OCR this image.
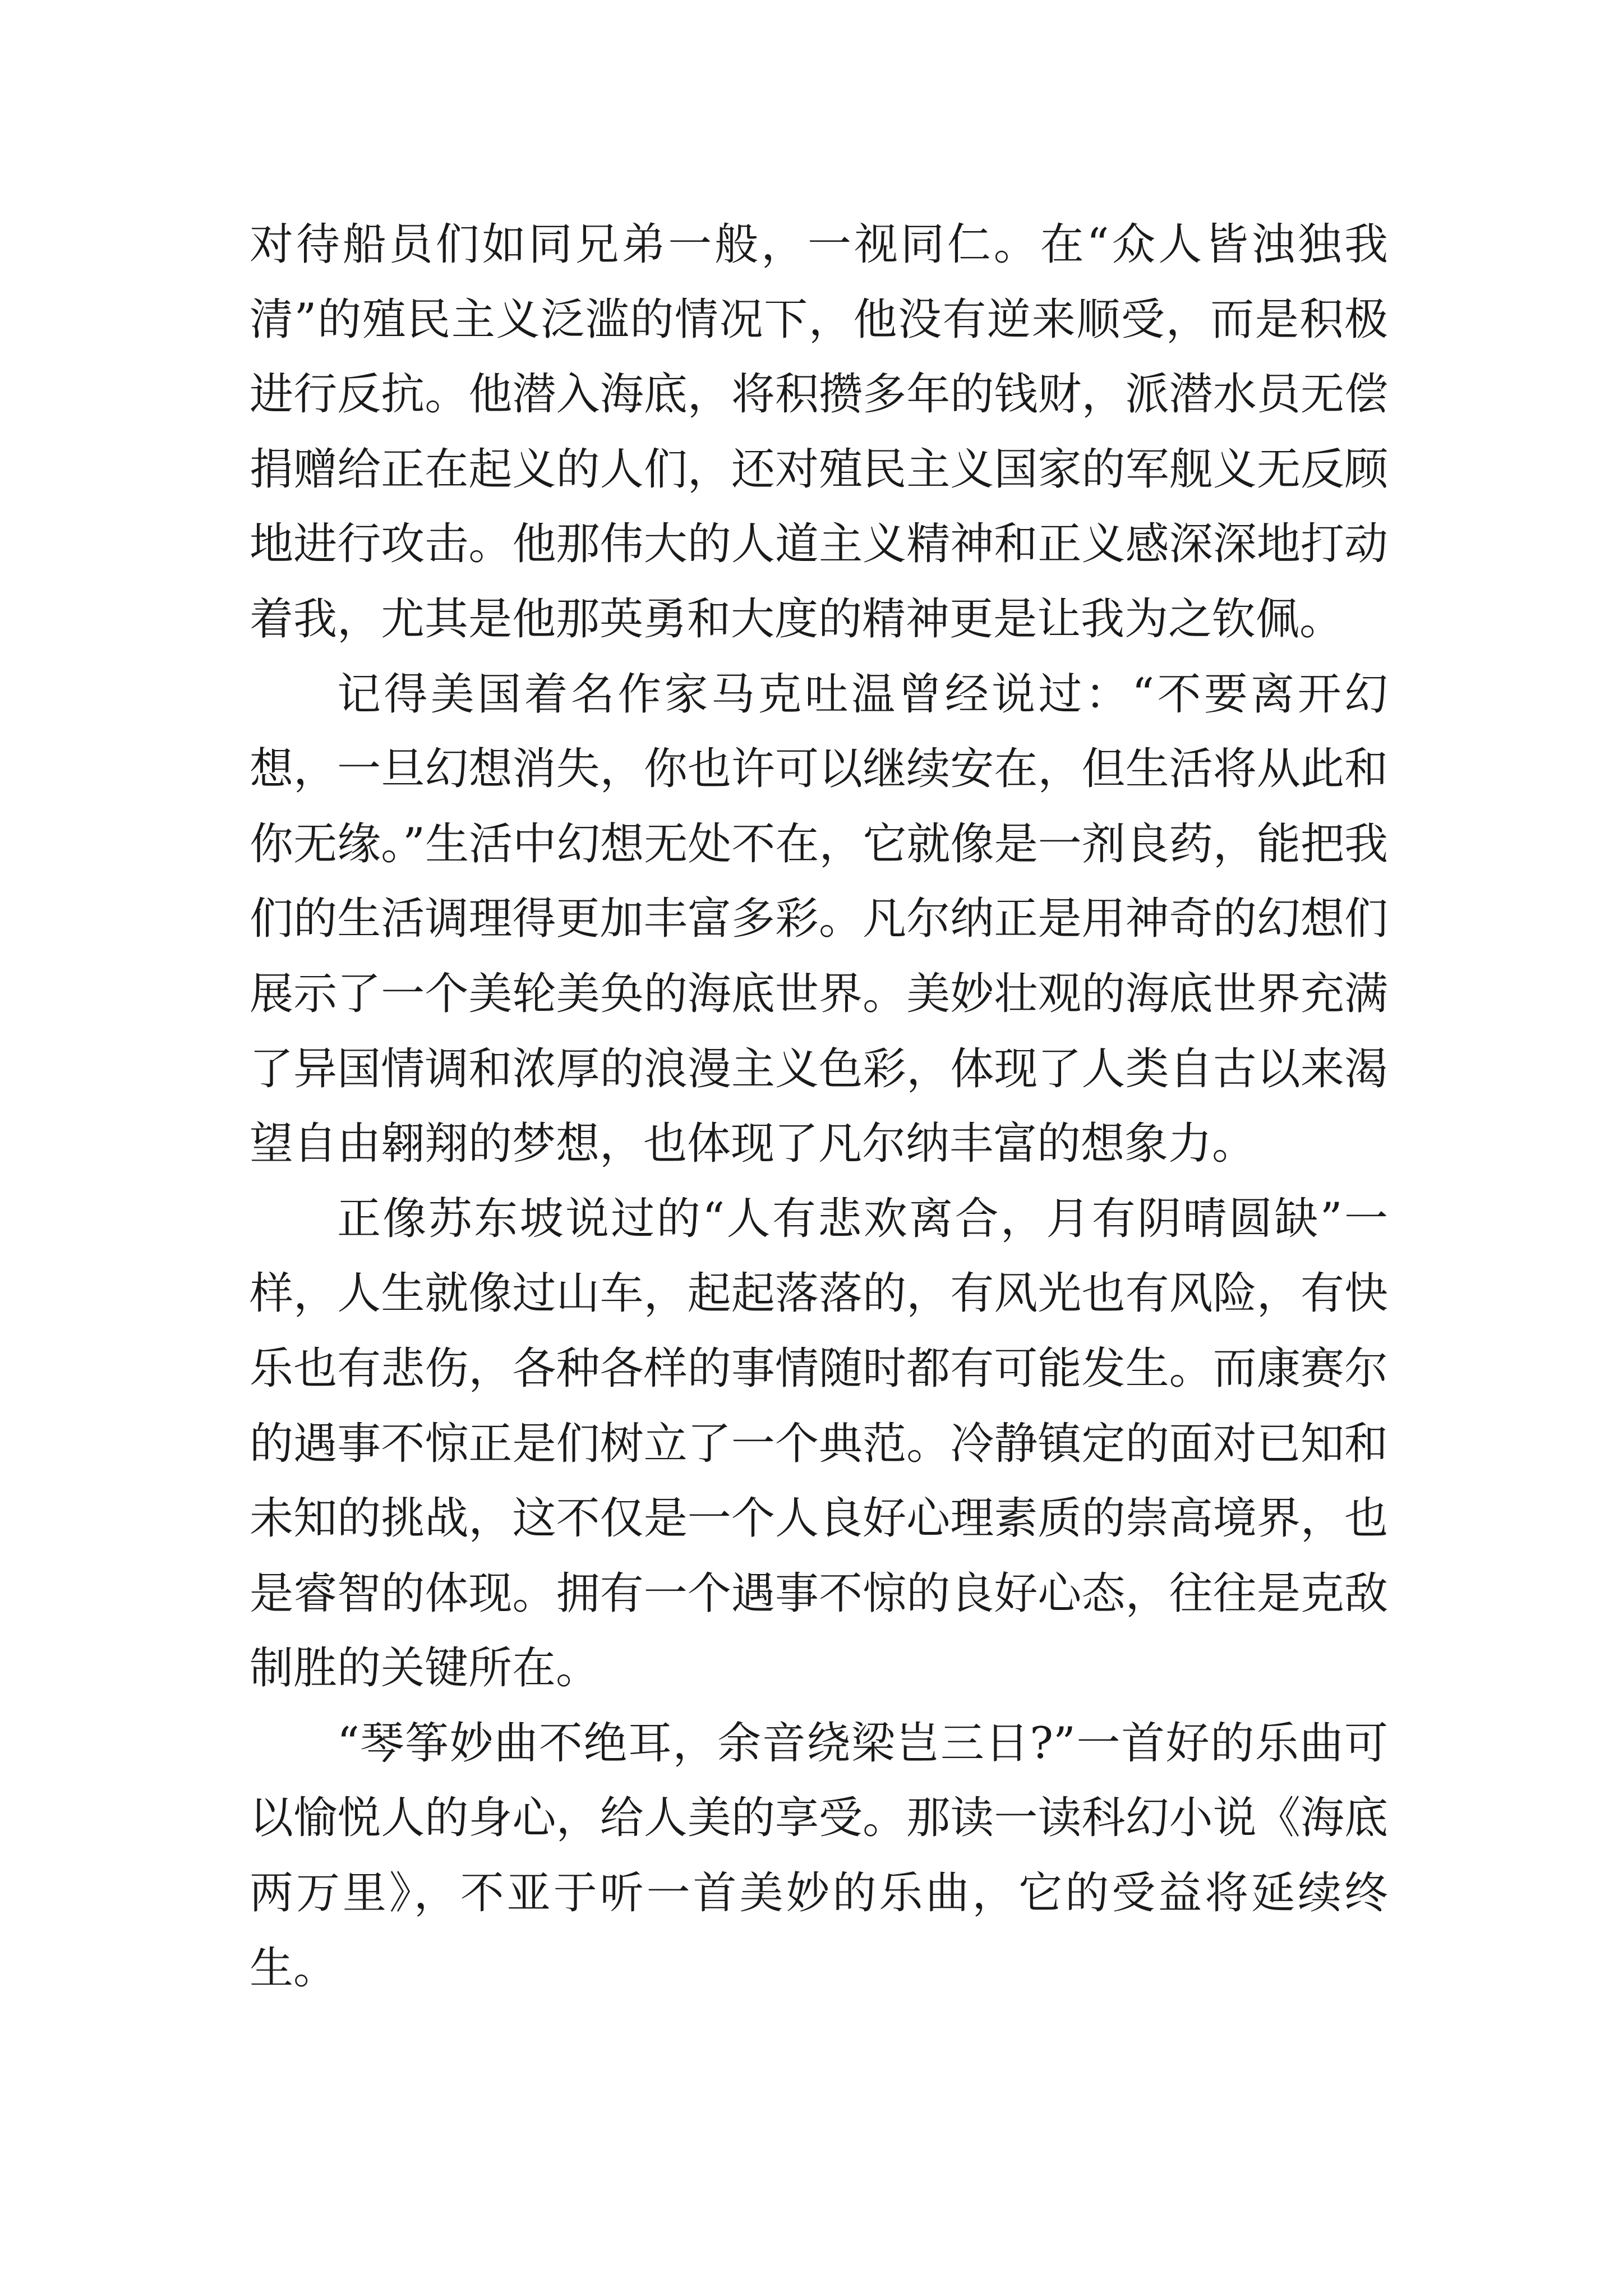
对待船员们如同兄弟一般，一视同仁。在“众人皆浊独我清”的殖民主义泛滥的情况下，他没有逆来顺受，而是积极进行反抗。他潜入海底，将积攒多年的钱财，派潜水员无偿捐赠给正在起义的人们，还对殖民主义国家的军舰义无反顾地进行攻击。他那伟大的人道主义精神和正义感深深地打动着我，尤其是他那英勇和大度的精神更是让我为之钦佩。

记得美国着名作家马克吐温曾经说过：“不要离开幻想，一旦幻想消失，你也许可以继续安在，但生活将从此和你无缘。”生活中幻想无处不在，它就像是一剂良药，能把我们的生活调理得更加丰富多彩。凡尔纳正是用神奇的幻想们展示了一个美轮美奂的海底世界。美妙壮观的海底世界充满了异国情调和浓厚的浪漫主义色彩，体现了人类自古以来渴望自由翱翔的梦想，也体现了凡尔纳丰富的想象力。

正像苏东坡说过的“人有悲欢离合，月有阴晴圆缺”一样，人生就像过山车，起起落落的，有风光也有风险，有快乐也有悲伤，各种各样的事情随时都有可能发生。而康赛尔的遇事不惊正是们树立了一个典范。冷静镇定的面对已知和未知的挑战，这不仅是一个人良好心理素质的崇高境界，也是睿智的体现。拥有一个遇事不惊的良好心态，往往是克敌制胜的关键所在。

“琴筝妙曲不绝耳，余音绕梁岂三日?”一首好的乐曲可以愉悦人的身心，给人美的享受。那读一读科幻小说《海底两万里》，不亚于听一首美妙的乐曲，它的受益将延续终生。
